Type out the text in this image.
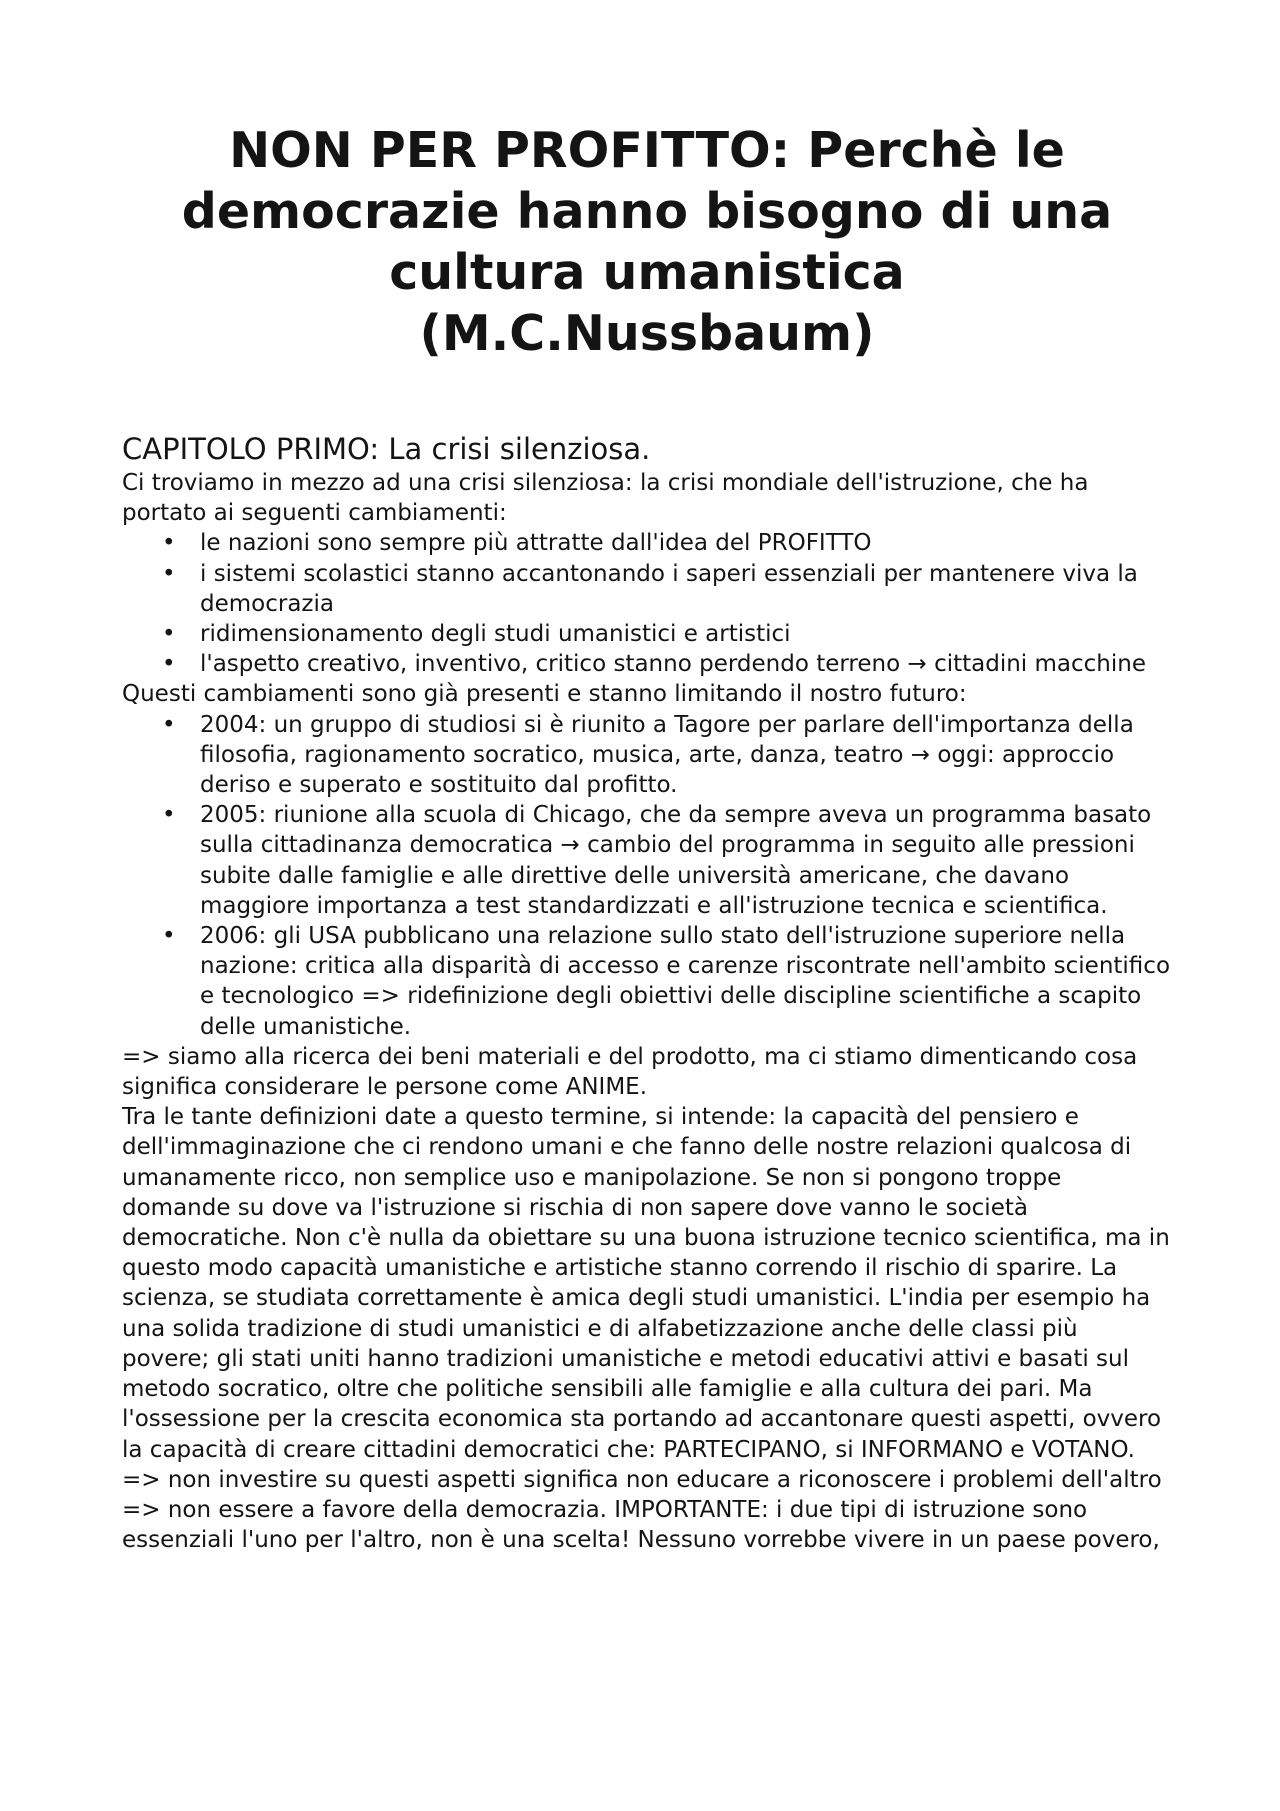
NON PER PROFITTO: Perchè le
democrazie hanno bisogno di una
cultura umanistica
(M.C.Nussbaum)
CAPITOLO PRIMO: La crisi silenziosa.

Ci troviamo in mezzo ad una crisi silenziosa: la crisi mondiale dell'istruzione, che ha portato ai seguenti cambiamenti:

• le nazioni sono sempre più attratte dall'idea del PROFITTO
• i sistemi scolastici stanno accantonando i saperi essenziali per mantenere viva la democrazia
• ridimensionamento degli studi umanistici e artistici
• l'aspetto creativo, inventivo, critico stanno perdendo terreno → cittadini macchine

Questi cambiamenti sono già presenti e stanno limitando il nostro futuro:

• 2004: un gruppo di studiosi si è riunito a Tagore per parlare dell'importanza della filosofia, ragionamento socratico, musica, arte, danza, teatro → oggi: approccio deriso e superato e sostituito dal profitto.
• 2005: riunione alla scuola di Chicago, che da sempre aveva un programma basato sulla cittadinanza democratica → cambio del programma in seguito alle pressioni subite dalle famiglie e alle direttive delle università americane, che davano maggiore importanza a test standardizzati e all'istruzione tecnica e scientifica.
• 2006: gli USA pubblicano una relazione sullo stato dell'istruzione superiore nella nazione: critica alla disparità di accesso e carenze riscontrate nell'ambito scientifico e tecnologico => ridefinizione degli obiettivi delle discipline scientifiche a scapito delle umanistiche.

=> siamo alla ricerca dei beni materiali e del prodotto, ma ci stiamo dimenticando cosa significa considerare le persone come ANIME.

Tra le tante definizioni date a questo termine, si intende: la capacità del pensiero e dell'immaginazione che ci rendono umani e che fanno delle nostre relazioni qualcosa di umanamente ricco, non semplice uso e manipolazione. Se non si pongono troppe domande su dove va l'istruzione si rischia di non sapere dove vanno le società democratiche. Non c'è nulla da obiettare su una buona istruzione tecnico scientifica, ma in questo modo capacità umanistiche e artistiche stanno correndo il rischio di sparire. La scienza, se studiata correttamente è amica degli studi umanistici. L'india per esempio ha una solida tradizione di studi umanistici e di alfabetizzazione anche delle classi più povere; gli stati uniti hanno tradizioni umanistiche e metodi educativi attivi e basati sul metodo socratico, oltre che politiche sensibili alle famiglie e alla cultura dei pari. Ma l'ossessione per la crescita economica sta portando ad accantonare questi aspetti, ovvero la capacità di creare cittadini democratici che: PARTECIPANO, si INFORMANO e VOTANO. => non investire su questi aspetti significa non educare a riconoscere i problemi dell'altro => non essere a favore della democrazia. IMPORTANTE: i due tipi di istruzione sono essenziali l'uno per l'altro, non è una scelta! Nessuno vorrebbe vivere in un paese povero,
